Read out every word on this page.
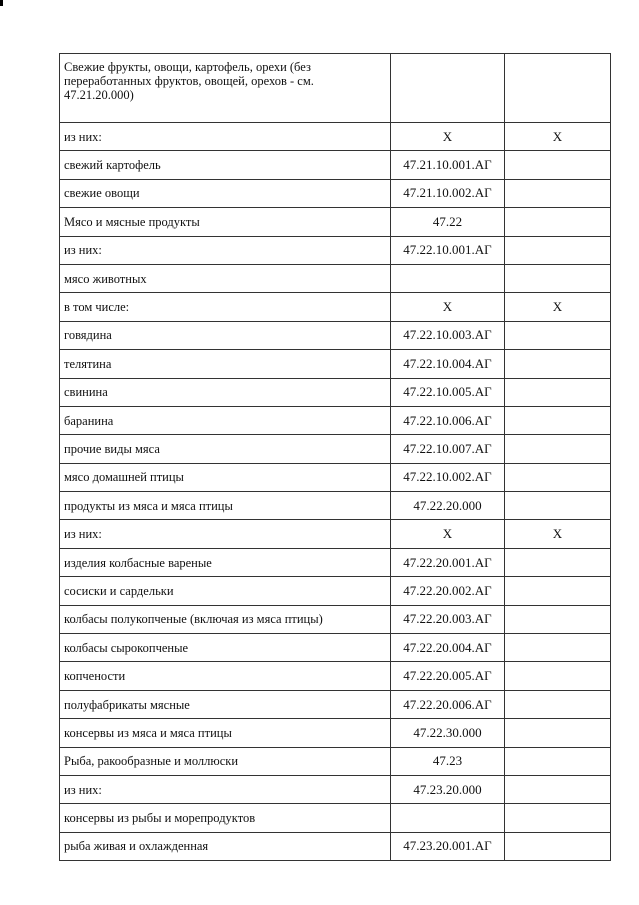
Свежие фрукты, овощи, картофель, орехи (без переработанных фруктов, овощей, орехов - см. 47.21.20.000)		
из них:	Х	Х
свежий картофель	47.21.10.001.АГ	
свежие овощи	47.21.10.002.АГ	
Мясо и мясные продукты	47.22	
из них:	47.22.10.001.АГ	
мясо животных		
в том числе:	Х	Х
говядина	47.22.10.003.АГ	
телятина	47.22.10.004.АГ	
свинина	47.22.10.005.АГ	
баранина	47.22.10.006.АГ	
прочие виды мяса	47.22.10.007.АГ	
мясо домашней птицы	47.22.10.002.АГ	
продукты из мяса и мяса птицы	47.22.20.000	
из них:	Х	Х
изделия колбасные вареные	47.22.20.001.АГ	
сосиски и сардельки	47.22.20.002.АГ	
колбасы полукопченые (включая из мяса птицы)	47.22.20.003.АГ	
колбасы сырокопченые	47.22.20.004.АГ	
копчености	47.22.20.005.АГ	
полуфабрикаты мясные	47.22.20.006.АГ	
консервы из мяса и мяса птицы	47.22.30.000	
Рыба, ракообразные и моллюски	47.23	
из них:	47.23.20.000	
консервы из рыбы и морепродуктов		
рыба живая и охлажденная	47.23.20.001.АГ	
